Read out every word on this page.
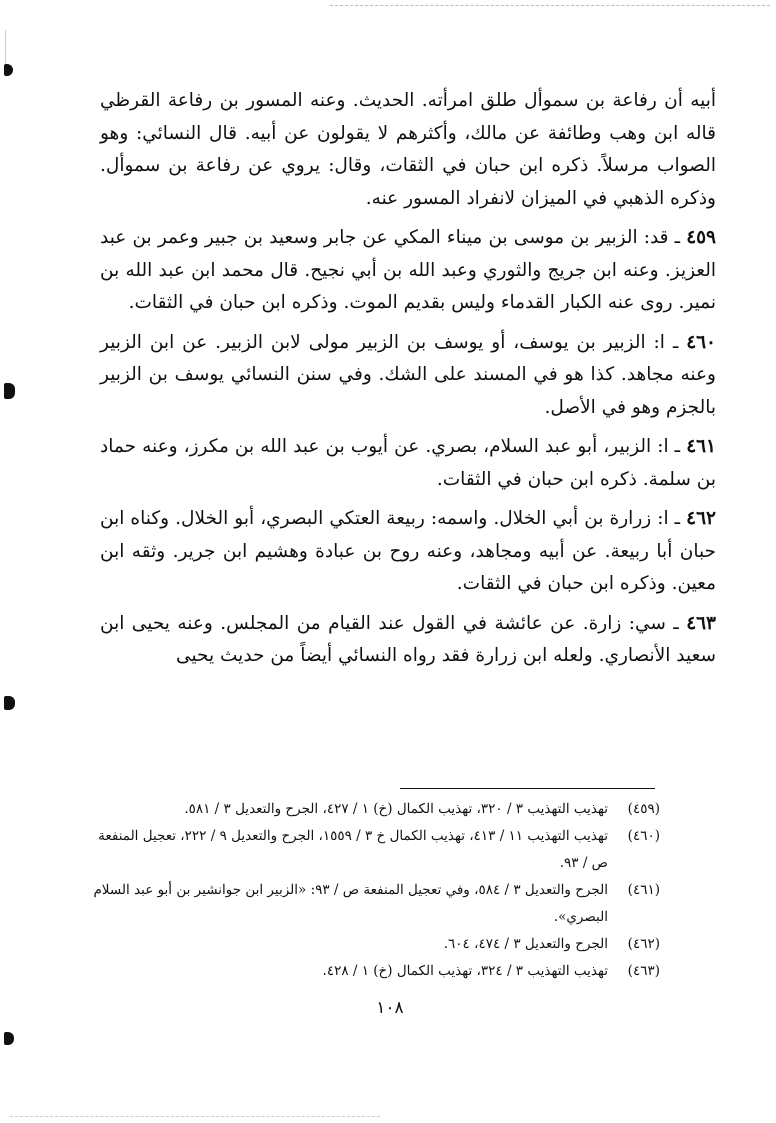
أبيه أن رفاعة بن سموأل طلق امرأته. الحديث. وعنه المسور بن رفاعة القرظي قاله ابن وهب وطائفة عن مالك، وأكثرهم لا يقولون عن أبيه. قال النسائي: وهو الصواب مرسلاً. ذكره ابن حبان في الثقات، وقال: يروي عن رفاعة بن سموأل. وذكره الذهبي في الميزان لانفراد المسور عنه.

٤٥٩ ـ قد: الزبير بن موسى بن ميناء المكي عن جابر وسعيد بن جبير وعمر بن عبد العزيز. وعنه ابن جريج والثوري وعبد الله بن أبي نجيح. قال محمد ابن عبد الله بن نمير. روى عنه الكبار القدماء وليس بقديم الموت. وذكره ابن حبان في الثقات.

٤٦٠ ـ ا: الزبير بن يوسف، أو يوسف بن الزبير مولى لابن الزبير. عن ابن الزبير وعنه مجاهد. كذا هو في المسند على الشك. وفي سنن النسائي يوسف بن الزبير بالجزم وهو في الأصل.

٤٦١ ـ ا: الزبير، أبو عبد السلام، بصري. عن أيوب بن عبد الله بن مكرز، وعنه حماد بن سلمة. ذكره ابن حبان في الثقات.

٤٦٢ ـ ا: زرارة بن أبي الخلال. واسمه: ربيعة العتكي البصري، أبو الخلال. وكناه ابن حبان أبا ربيعة. عن أبيه ومجاهد، وعنه روح بن عبادة وهشيم ابن جرير. وثقه ابن معين. وذكره ابن حبان في الثقات.

٤٦٣ ـ سي: زارة. عن عائشة في القول عند القيام من المجلس. وعنه يحيى ابن سعيد الأنصاري. ولعله ابن زرارة فقد رواه النسائي أيضاً من حديث يحيى

(٤٥٩)
تهذيب التهذيب ٣ / ٣٢٠، تهذيب الكمال (خ) ١ / ٤٢٧، الجرح والتعديل ٣ / ٥٨١.
(٤٦٠)
تهذيب التهذيب ١١ / ٤١٣، تهذيب الكمال خ ٣ / ١٥٥٩، الجرح والتعديل ٩ / ٢٢٢، تعجيل المنفعة ص / ٩٣.
(٤٦١)
الجرح والتعديل ٣ / ٥٨٤، وفي تعجيل المنفعة ص / ٩٣: «الزبير ابن جوانشير بن أبو عبد السلام البصري».
(٤٦٢)
الجرح والتعديل ٣ / ٤٧٤، ٦٠٤.
(٤٦٣)
تهذيب التهذيب ٣ / ٣٢٤، تهذيب الكمال (خ) ١ / ٤٢٨.
١٠٨
